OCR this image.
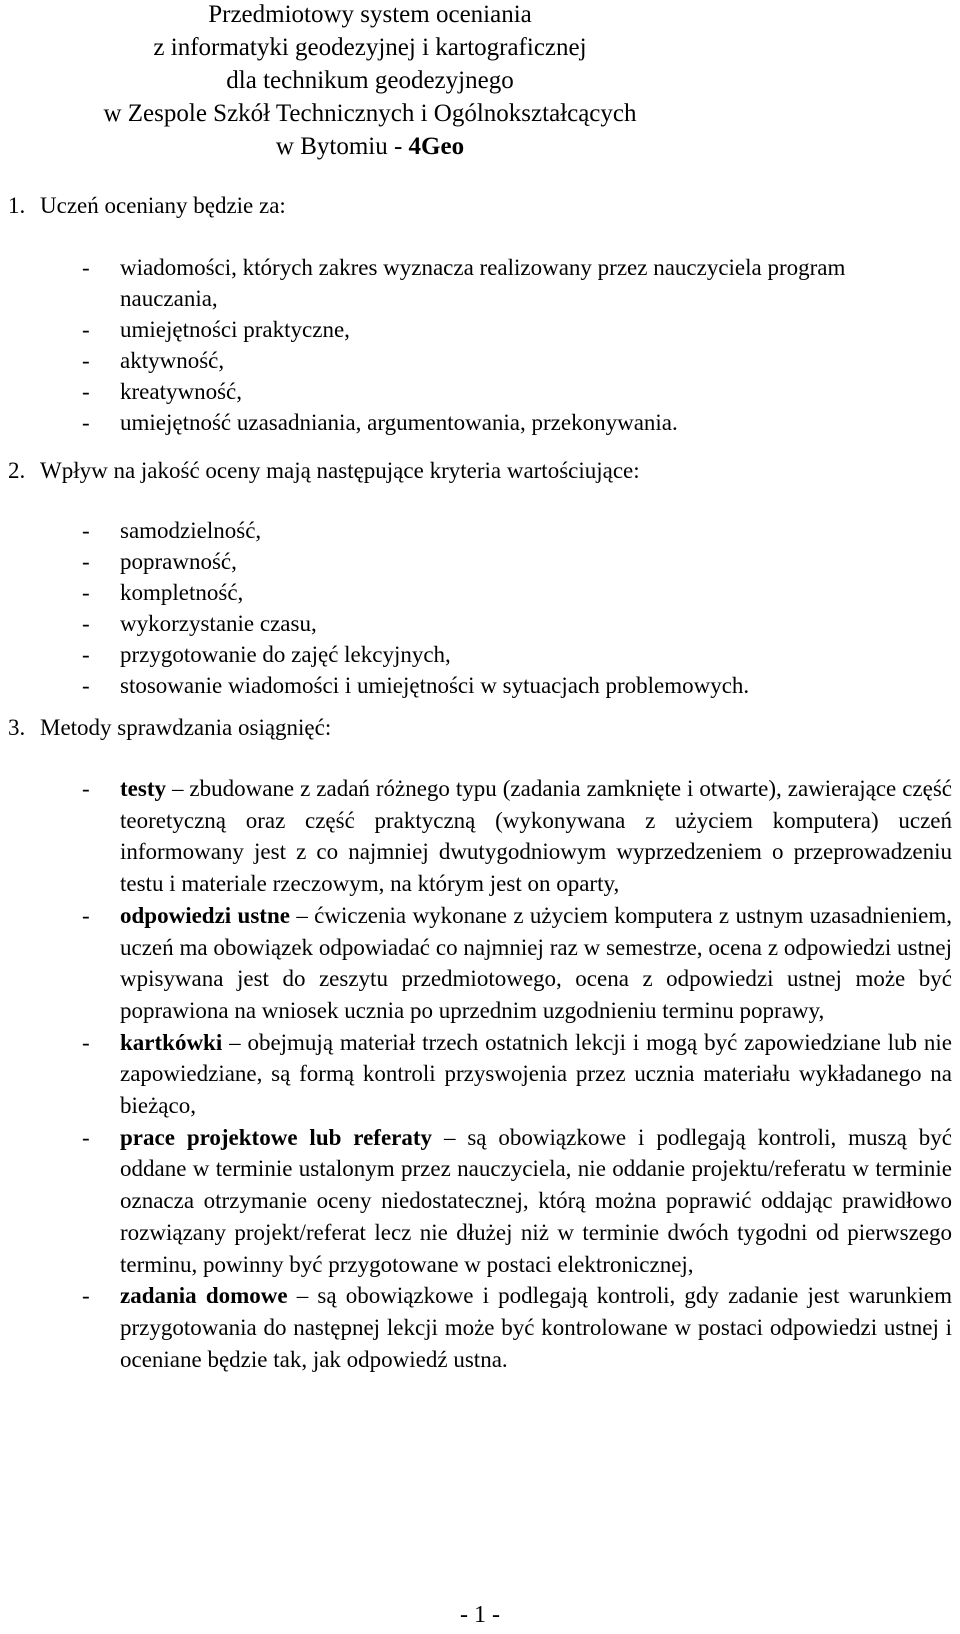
Przedmiotowy system oceniania
z informatyki geodezyjnej i kartograficznej
dla technikum geodezyjnego
w Zespole Szkół Technicznych i Ogólnokształcących
w Bytomiu - 4Geo
1. Uczeń oceniany będzie za:
- wiadomości, których zakres wyznacza realizowany przez nauczyciela program
nauczania,
- umiejętności praktyczne,
- aktywność,
- kreatywność,
- umiejętność uzasadniania, argumentowania, przekonywania.
2. Wpływ na jakość oceny mają następujące kryteria wartościujące:
- samodzielność,
- poprawność,
- kompletność,
- wykorzystanie czasu,
- przygotowanie do zajęć lekcyjnych,
- stosowanie wiadomości i umiejętności w sytuacjach problemowych.
3. Metody sprawdzania osiągnięć:
- testy – zbudowane z zadań różnego typu (zadania zamknięte i otwarte), zawierające część teoretyczną oraz część praktyczną (wykonywana z użyciem komputera) uczeń informowany jest z co najmniej dwutygodniowym wyprzedzeniem o przeprowadzeniu testu i materiale rzeczowym, na którym jest on oparty,
- odpowiedzi ustne – ćwiczenia wykonane z użyciem komputera z ustnym uzasadnieniem, uczeń ma obowiązek odpowiadać co najmniej raz w semestrze, ocena z odpowiedzi ustnej wpisywana jest do zeszytu przedmiotowego, ocena z odpowiedzi ustnej może być poprawiona na wniosek ucznia po uprzednim uzgodnieniu terminu poprawy,
- kartkówki – obejmują materiał trzech ostatnich lekcji i mogą być zapowiedziane lub nie zapowiedziane, są formą kontroli przyswojenia przez ucznia materiału wykładanego na bieżąco,
- prace projektowe lub referaty – są obowiązkowe i podlegają kontroli, muszą być oddane w terminie ustalonym przez nauczyciela, nie oddanie projektu/referatu w terminie oznacza otrzymanie oceny niedostatecznej, którą można poprawić oddając prawidłowo rozwiązany projekt/referat lecz nie dłużej niż w terminie dwóch tygodni od pierwszego terminu, powinny być przygotowane w postaci elektronicznej,
- zadania domowe – są obowiązkowe i podlegają kontroli, gdy zadanie jest warunkiem przygotowania do następnej lekcji może być kontrolowane w postaci odpowiedzi ustnej i oceniane będzie tak, jak odpowiedź ustna.
- 1 -
